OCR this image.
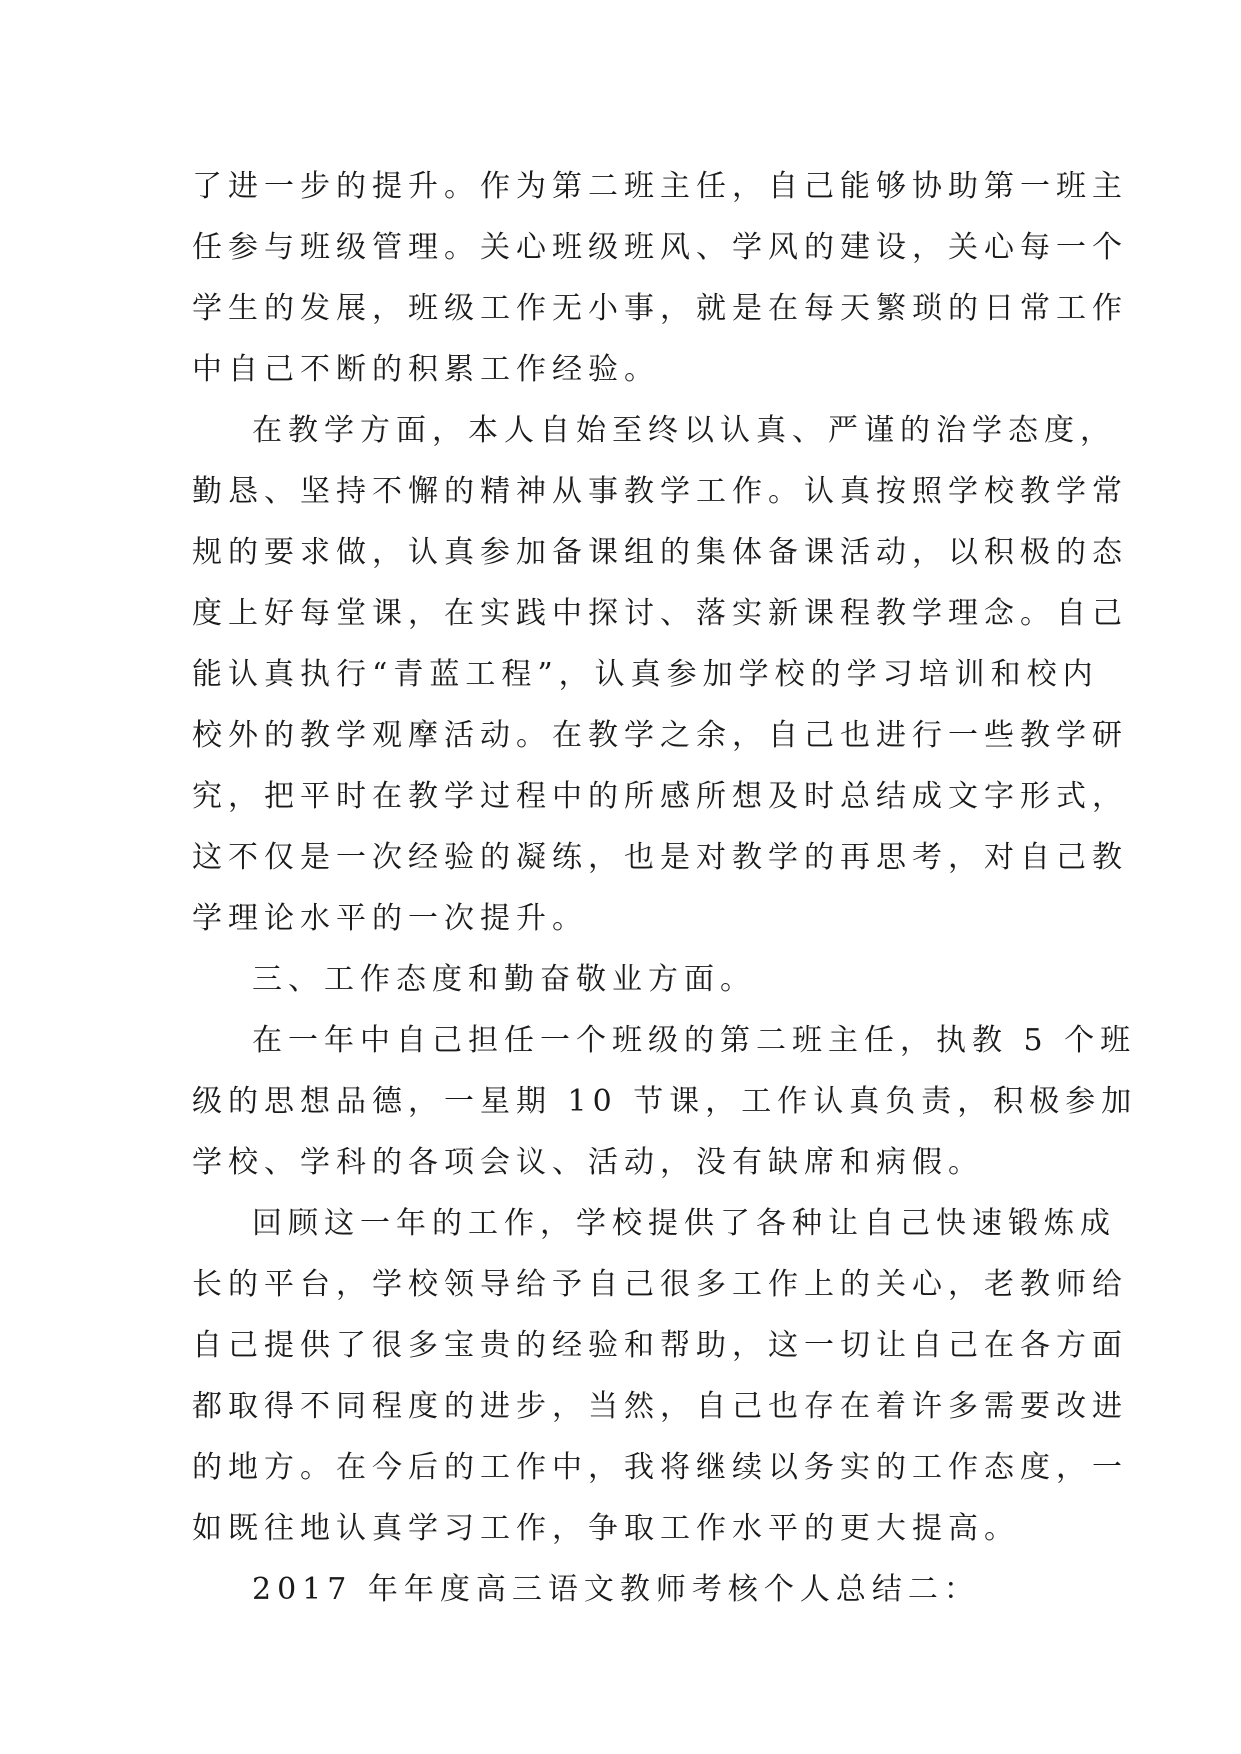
了进一步的提升。作为第二班主任，自己能够协助第一班主
任参与班级管理。关心班级班风、学风的建设，关心每一个
学生的发展，班级工作无小事，就是在每天繁琐的日常工作
中自己不断的积累工作经验。
在教学方面，本人自始至终以认真、严谨的治学态度，
勤恳、坚持不懈的精神从事教学工作。认真按照学校教学常
规的要求做，认真参加备课组的集体备课活动，以积极的态
度上好每堂课，在实践中探讨、落实新课程教学理念。自己
能认真执行“青蓝工程”，认真参加学校的学习培训和校内
校外的教学观摩活动。在教学之余，自己也进行一些教学研
究，把平时在教学过程中的所感所想及时总结成文字形式，
这不仅是一次经验的凝练，也是对教学的再思考，对自己教
学理论水平的一次提升。
三、工作态度和勤奋敬业方面。
在一年中自己担任一个班级的第二班主任，执教 5 个班
级的思想品德，一星期 10 节课，工作认真负责，积极参加
学校、学科的各项会议、活动，没有缺席和病假。
回顾这一年的工作，学校提供了各种让自己快速锻炼成
长的平台，学校领导给予自己很多工作上的关心，老教师给
自己提供了很多宝贵的经验和帮助，这一切让自己在各方面
都取得不同程度的进步，当然，自己也存在着许多需要改进
的地方。在今后的工作中，我将继续以务实的工作态度，一
如既往地认真学习工作，争取工作水平的更大提高。
2017 年年度高三语文教师考核个人总结二：
